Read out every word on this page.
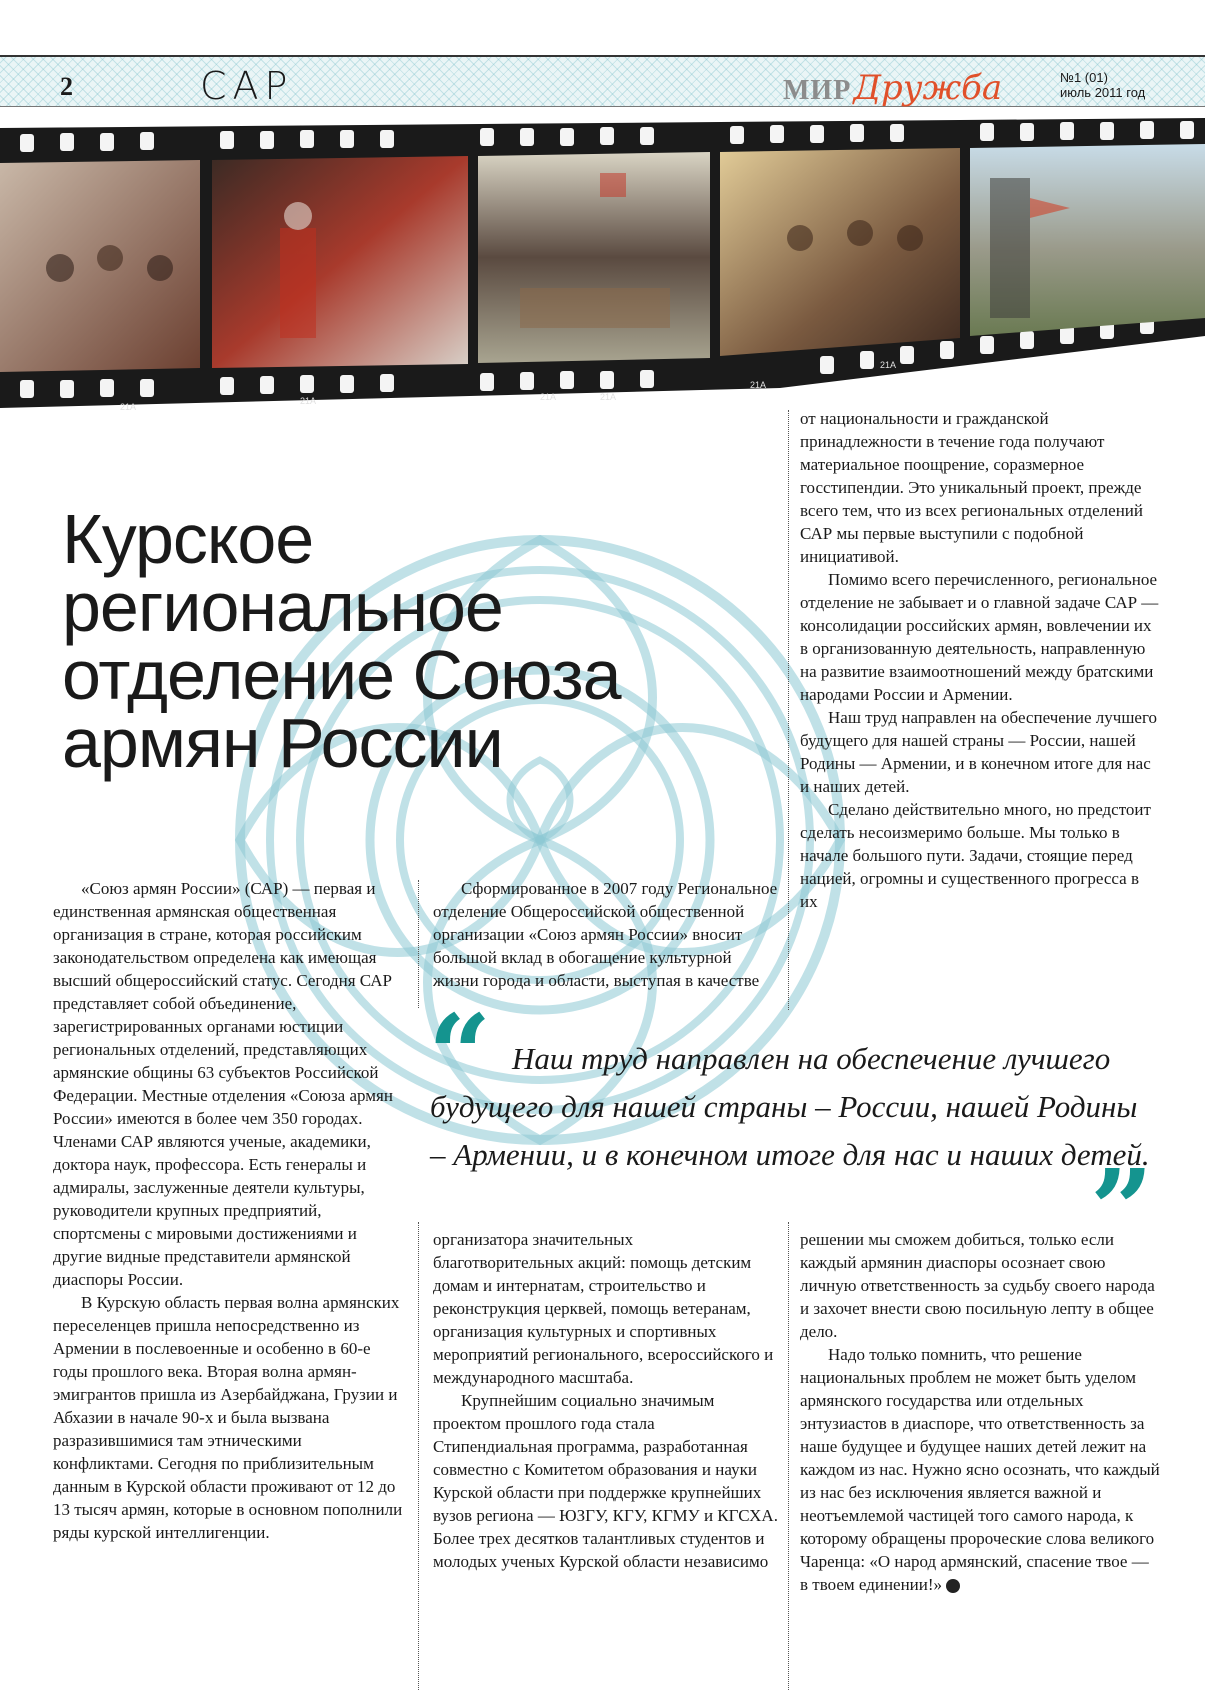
2	САР	МИРДружба	№1 (01)
июль 2011 год
21A
21A	21A	21A
21A
21A
Курское региональное отделение Союза армян России

«Союз армян России» (САР) — первая и единственная армянская общественная организация в стране, которая российским законодательством определена как имеющая высший общероссийский статус. Сегодня САР представляет собой объединение, зарегистрированных органами юстиции региональных отделений, представляющих армянские общины 63 субъектов Российской Федерации. Местные отделения «Союза армян России» имеются в более чем 350 городах. Членами САР являются ученые, академики, доктора наук, профессора. Есть генералы и адмиралы, заслуженные деятели культуры, руководители крупных предприятий, спортсмены с мировыми достижениями и другие видные представители армянской диаспоры России.

В Курскую область первая волна армянских переселенцев пришла непосредственно из Армении в послевоенные и особенно в 60-е годы прошлого века. Вторая волна армян-эмигрантов пришла из Азербайджана, Грузии и Абхазии в начале 90-х и была вызвана разразившимися там этническими конфликтами. Сегодня по приблизительным данным в Курской области проживают от 12 до 13 тысяч армян, которые в основном пополнили ряды курской интеллигенции.

Сформированное в 2007 году Региональное отделение Общероссийской общественной организации «Союз армян России» вносит большой вклад в обогащение культурной жизни города и области, выступая в качестве

организатора значительных благотворительных акций: помощь детским домам и интернатам, строительство и реконструкция церквей, помощь ветеранам, организация культурных и спортивных мероприятий регионального, всероссийского и международного масштаба.

Крупнейшим социально значимым проектом прошлого года стала Стипендиальная программа, разработанная совместно с Комитетом образования и науки Курской области при поддержке крупнейших вузов региона — ЮЗГУ, КГУ, КГМУ и КГСХА. Более трех десятков талантливых студентов и молодых ученых Курской области независимо

от национальности и гражданской принадлежности в течение года получают материальное поощрение, соразмерное госстипендии. Это уникальный проект, прежде всего тем, что из всех региональных отделений САР мы первые выступили с подобной инициативой.

Помимо всего перечисленного, региональное отделение не забывает и о главной задаче САР — консолидации российских армян, вовлечении их в организованную деятельность, направленную на развитие взаимоотношений между братскими народами России и Армении.

Наш труд направлен на обеспечение лучшего будущего для нашей страны — России, нашей Родины — Армении, и в конечном итоге для нас и наших детей.

Сделано действительно много, но предстоит сделать несоизмеримо больше. Мы только в начале большого пути. Задачи, стоящие перед нацией, огромны и существенного прогресса в их

решении мы сможем добиться, только если каждый армянин диаспоры осознает свою личную ответственность за судьбу своего народа и захочет внести свою посильную лепту в общее дело.

Надо только помнить, что решение национальных проблем не может быть уделом армянского государства или отдельных энтузиастов в диаспоре, что ответственность за наше будущее и будущее наших детей лежит на каждом из нас. Нужно ясно осознать, что каждый из нас без исключения является важной и неотъемлемой частицей того самого народа, к которому обращены пророческие слова великого Чаренца: «О народ армянский, спасение твое — в твоем единении!»	✱

“ Наш труд направлен на обеспечение лучшего будущего для нашей страны – России, нашей Родины – Армении, и в конечном итоге для нас и наших детей.

”
